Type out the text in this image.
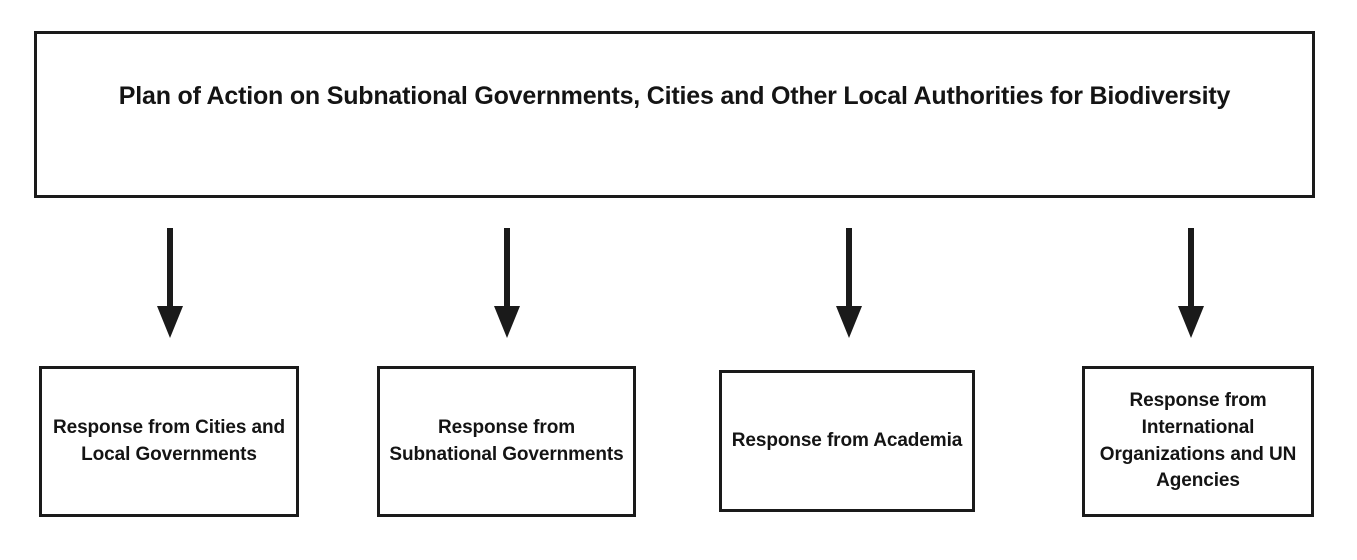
Plan of Action on Subnational Governments, Cities and Other Local Authorities for Biodiversity
Response from Cities and Local Governments
Response from Subnational Governments
Response from Academia
Response from International Organizations and UN Agencies
